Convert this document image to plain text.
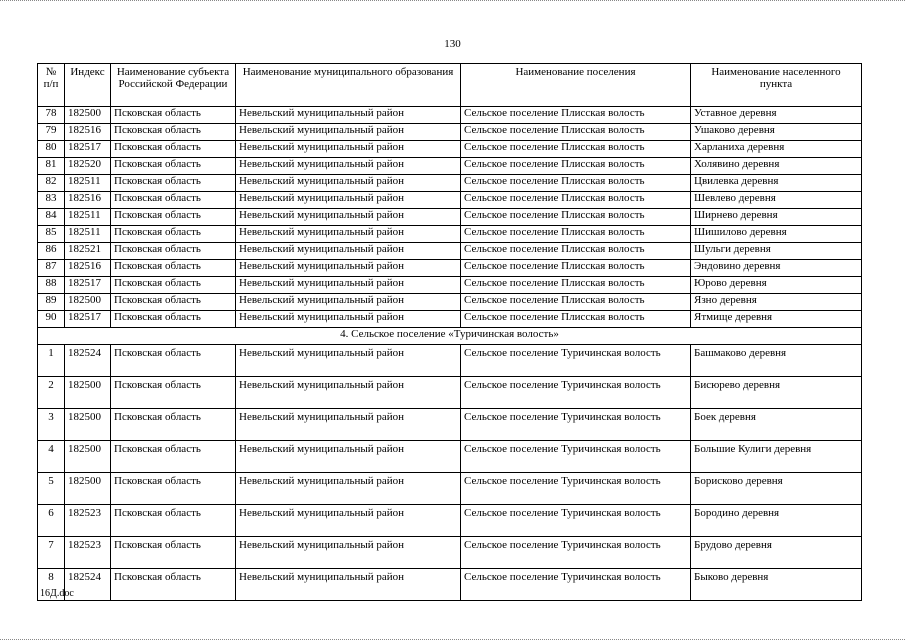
130
№ п/п	Индекс	Наименование субъекта Российской Федерации	Наименование муниципального образования	Наименование поселения	Наименование населенного пункта
78	182500	Псковская область	Невельский муниципальный район	Сельское поселение Плисская волость	Уставное деревня
79	182516	Псковская область	Невельский муниципальный район	Сельское поселение Плисская волость	Ушаково деревня
80	182517	Псковская область	Невельский муниципальный район	Сельское поселение Плисская волость	Харланиха деревня
81	182520	Псковская область	Невельский муниципальный район	Сельское поселение Плисская волость	Холявино деревня
82	182511	Псковская область	Невельский муниципальный район	Сельское поселение Плисская волость	Цвилевка деревня
83	182516	Псковская область	Невельский муниципальный район	Сельское поселение Плисская волость	Шевлево деревня
84	182511	Псковская область	Невельский муниципальный район	Сельское поселение Плисская волость	Ширнево деревня
85	182511	Псковская область	Невельский муниципальный район	Сельское поселение Плисская волость	Шишилово деревня
86	182521	Псковская область	Невельский муниципальный район	Сельское поселение Плисская волость	Шульги деревня
87	182516	Псковская область	Невельский муниципальный район	Сельское поселение Плисская волость	Эндовино деревня
88	182517	Псковская область	Невельский муниципальный район	Сельское поселение Плисская волость	Юрово деревня
89	182500	Псковская область	Невельский муниципальный район	Сельское поселение Плисская волость	Язно деревня
90	182517	Псковская область	Невельский муниципальный район	Сельское поселение Плисская волость	Ятмище деревня
4. Сельское поселение «Туричинская волость»					
1	182524	Псковская область	Невельский муниципальный район	Сельское поселение Туричинская волость	Башмаково деревня
2	182500	Псковская область	Невельский муниципальный район	Сельское поселение Туричинская волость	Бисюрево деревня
3	182500	Псковская область	Невельский муниципальный район	Сельское поселение Туричинская волость	Боек деревня
4	182500	Псковская область	Невельский муниципальный район	Сельское поселение Туричинская волость	Большие Кулиги деревня
5	182500	Псковская область	Невельский муниципальный район	Сельское поселение Туричинская волость	Борисково деревня
6	182523	Псковская область	Невельский муниципальный район	Сельское поселение Туричинская волость	Бородино деревня
7	182523	Псковская область	Невельский муниципальный район	Сельское поселение Туричинская волость	Брудово деревня
8	182524	Псковская область	Невельский муниципальный район	Сельское поселение Туричинская волость	Быково деревня
16Д.doc
